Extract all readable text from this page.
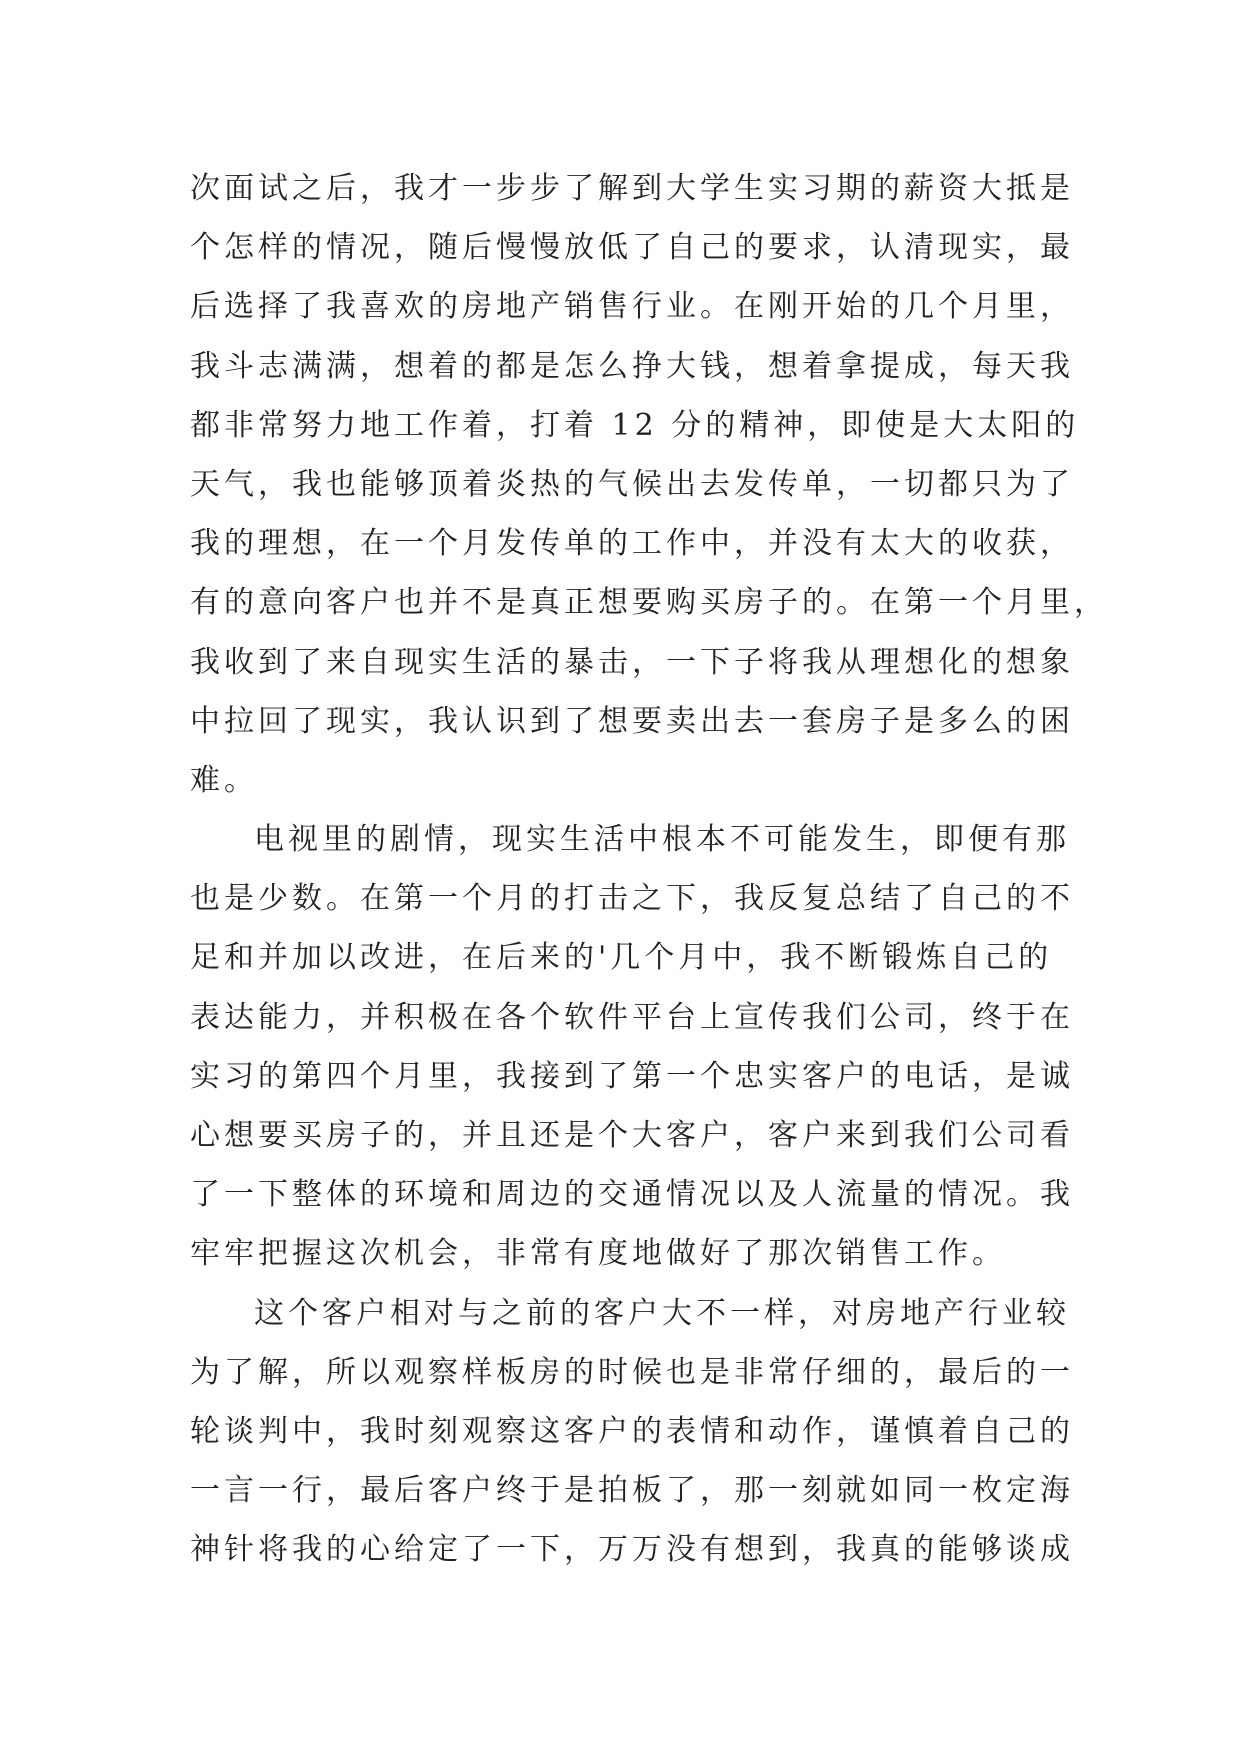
次面试之后，我才一步步了解到大学生实习期的薪资大抵是
个怎样的情况，随后慢慢放低了自己的要求，认清现实，最
后选择了我喜欢的房地产销售行业。在刚开始的几个月里，
我斗志满满，想着的都是怎么挣大钱，想着拿提成，每天我
都非常努力地工作着，打着 12 分的精神，即使是大太阳的
天气，我也能够顶着炎热的气候出去发传单，一切都只为了
我的理想，在一个月发传单的工作中，并没有太大的收获，
有的意向客户也并不是真正想要购买房子的。在第一个月里，
我收到了来自现实生活的暴击，一下子将我从理想化的想象
中拉回了现实，我认识到了想要卖出去一套房子是多么的困
难。
电视里的剧情，现实生活中根本不可能发生，即便有那
也是少数。在第一个月的打击之下，我反复总结了自己的不
足和并加以改进，在后来的'几个月中，我不断锻炼自己的
表达能力，并积极在各个软件平台上宣传我们公司，终于在
实习的第四个月里，我接到了第一个忠实客户的电话，是诚
心想要买房子的，并且还是个大客户，客户来到我们公司看
了一下整体的环境和周边的交通情况以及人流量的情况。我
牢牢把握这次机会，非常有度地做好了那次销售工作。
这个客户相对与之前的客户大不一样，对房地产行业较
为了解，所以观察样板房的时候也是非常仔细的，最后的一
轮谈判中，我时刻观察这客户的表情和动作，谨慎着自己的
一言一行，最后客户终于是拍板了，那一刻就如同一枚定海
神针将我的心给定了一下，万万没有想到，我真的能够谈成
